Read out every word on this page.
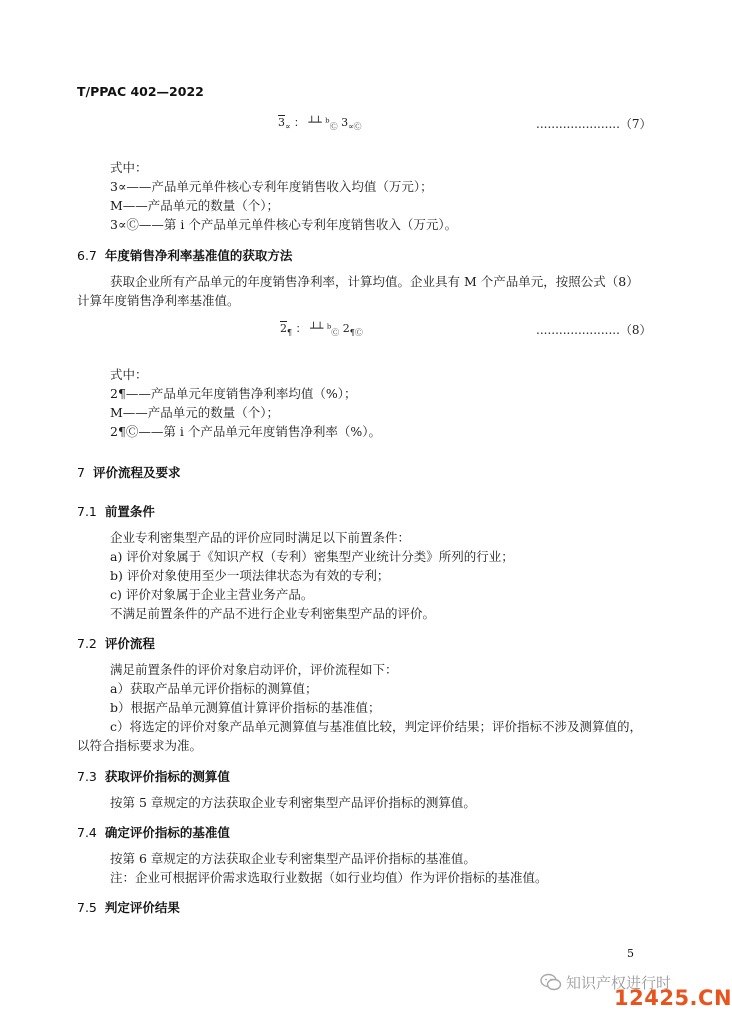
T/PPAC 402—2022
$3_\propto$ ： ┴┴ ᵇ$_Ⓒ$ $3_{\proptoⒸ}$	......................（7）
式中：
3∝——产品单元单件核心专利年度销售收入均值（万元）；
M——产品单元的数量（个）；
3∝Ⓒ——第 i 个产品单元单件核心专利年度销售收入（万元）。
6.7 年度销售净利率基准值的获取方法
获取企业所有产品单元的年度销售净利率，计算均值。企业具有 M 个产品单元，按照公式（8）
计算年度销售净利率基准值。
$2_\P$ ： ┴┴ ᵇ$_Ⓒ$ $2_{\PⒸ}$	......................（8）
式中：
2¶——产品单元年度销售净利率均值（%）；
M——产品单元的数量（个）；
2¶Ⓒ——第 i 个产品单元年度销售净利率（%）。
7 评价流程及要求
7.1 前置条件
企业专利密集型产品的评价应同时满足以下前置条件：
a) 评价对象属于《知识产权（专利）密集型产业统计分类》所列的行业；
b) 评价对象使用至少一项法律状态为有效的专利；
c) 评价对象属于企业主营业务产品。
不满足前置条件的产品不进行企业专利密集型产品的评价。
7.2 评价流程
满足前置条件的评价对象启动评价，评价流程如下：
a）获取产品单元评价指标的测算值；
b）根据产品单元测算值计算评价指标的基准值；
c）将选定的评价对象产品单元测算值与基准值比较，判定评价结果；评价指标不涉及测算值的，
以符合指标要求为准。
7.3 获取评价指标的测算值
按第 5 章规定的方法获取企业专利密集型产品评价指标的测算值。
7.4 确定评价指标的基准值
按第 6 章规定的方法获取企业专利密集型产品评价指标的基准值。
注：企业可根据评价需求选取行业数据（如行业均值）作为评价指标的基准值。
7.5 判定评价结果
5
知识产权进行时
12425.CN
